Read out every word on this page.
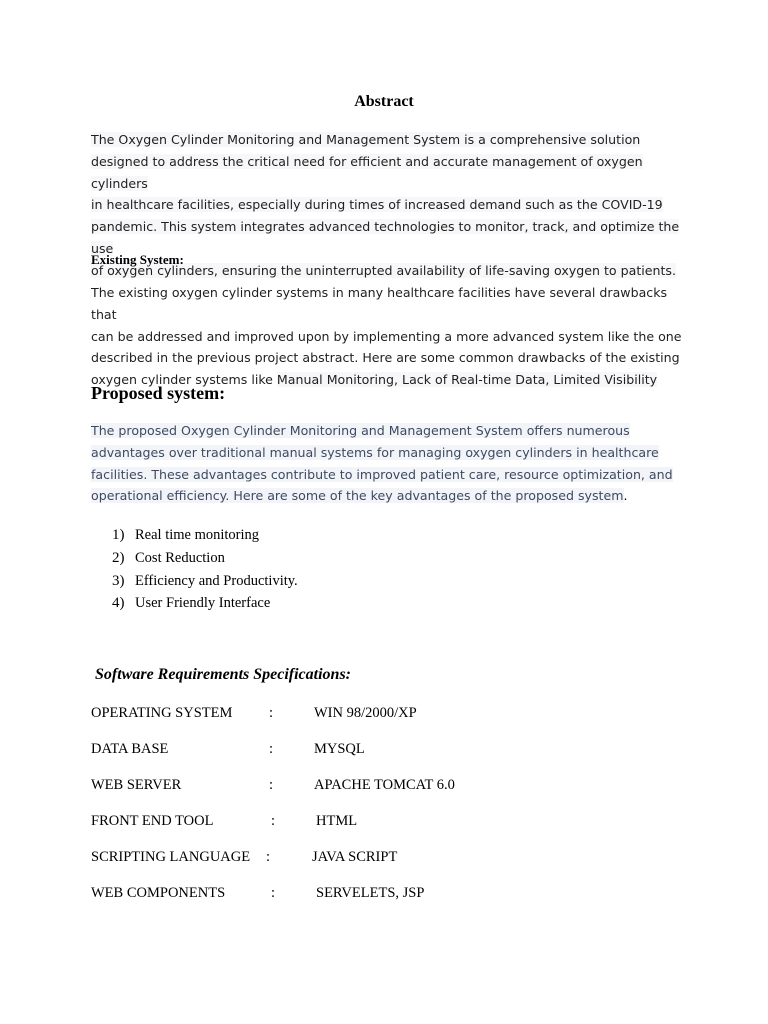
Abstract

The Oxygen Cylinder Monitoring and Management System is a comprehensive solution
designed to address the critical need for efficient and accurate management of oxygen cylinders
in healthcare facilities, especially during times of increased demand such as the COVID-19
pandemic. This system integrates advanced technologies to monitor, track, and optimize the use
of oxygen cylinders, ensuring the uninterrupted availability of life-saving oxygen to patients.

Existing System:

The existing oxygen cylinder systems in many healthcare facilities have several drawbacks that
can be addressed and improved upon by implementing a more advanced system like the one
described in the previous project abstract. Here are some common drawbacks of the existing
oxygen cylinder systems like Manual Monitoring, Lack of Real-time Data, Limited Visibility

Proposed system:

The proposed Oxygen Cylinder Monitoring and Management System offers numerous
advantages over traditional manual systems for managing oxygen cylinders in healthcare
facilities. These advantages contribute to improved patient care, resource optimization, and
operational efficiency. Here are some of the key advantages of the proposed system.

1) Real time monitoring
2) Cost Reduction
3) Efficiency and Productivity.
4) User Friendly Interface
Software Requirements Specifications:
OPERATING SYSTEM	:	WIN 98/2000/XP
DATA BASE	:	MYSQL
WEB SERVER	:	APACHE TOMCAT 6.0
FRONT END TOOL	:	HTML
SCRIPTING LANGUAGE :	JAVA SCRIPT
WEB COMPONENTS	:	SERVELETS, JSP
